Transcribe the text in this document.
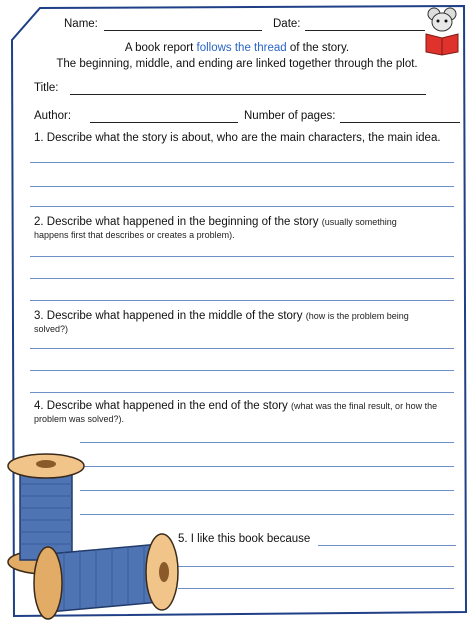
Name:	Date:
A book report follows the thread of the story.
The beginning, middle, and ending are linked together through the plot.
Title:
Author:	Number of pages:
1. Describe what the story is about, who are the main characters, the main idea.
2. Describe what happened in the beginning of the story (usually something
happens first that describes or creates a problem).
3. Describe what happened in the middle of the story (how is the problem being
solved?)
4. Describe what happened in the end of the story (what was the final result, or how the
problem was solved?).
5. I like this book because
